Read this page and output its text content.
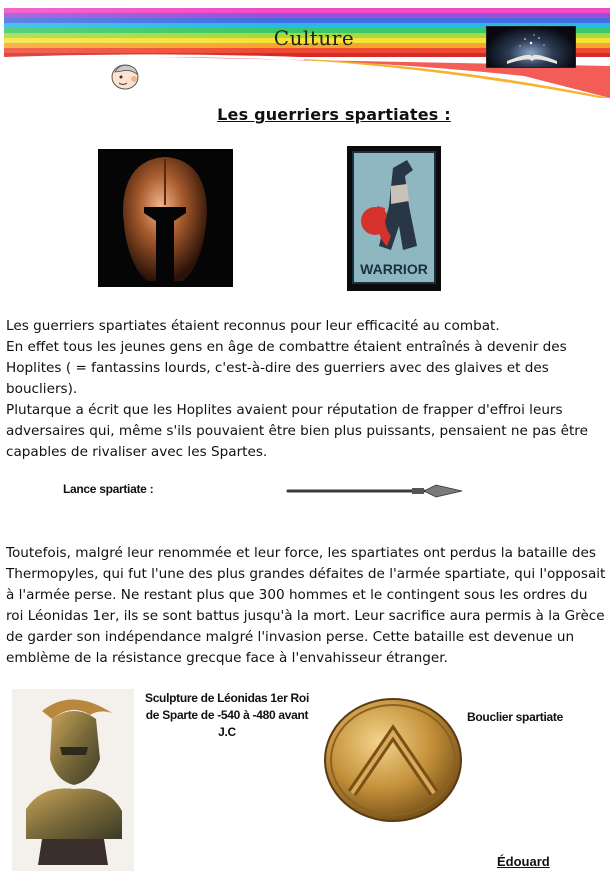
Culture
Les guerriers spartiates :
WARRIOR
Les guerriers spartiates étaient reconnus pour leur efficacité au combat.
En effet tous les jeunes gens en âge de combattre étaient entraînés à devenir des Hoplites ( = fantassins lourds, c'est-à-dire des guerriers avec des glaives et des boucliers).
Plutarque a écrit que les Hoplites avaient pour réputation de frapper d'effroi leurs adversaires qui, même s'ils pouvaient être bien plus puissants, pensaient ne pas être capables de rivaliser avec les Spartes.
Lance spartiate :
Toutefois, malgré leur renommée et leur force, les spartiates ont perdus la bataille des Thermopyles, qui fut l'une des plus grandes défaites de l'armée spartiate, qui l'opposait à l'armée perse. Ne restant plus que 300 hommes et le contingent sous les ordres du roi Léonidas 1er, ils se sont battus jusqu'à la mort. Leur sacrifice aura permis à la Grèce de garder son indépendance malgré l'invasion perse. Cette bataille est devenue un emblème de la résistance grecque face à l'envahisseur étranger.
Sculpture de Léonidas 1er Roi de Sparte de -540 à -480 avant J.C
Bouclier spartiate
Édouard
